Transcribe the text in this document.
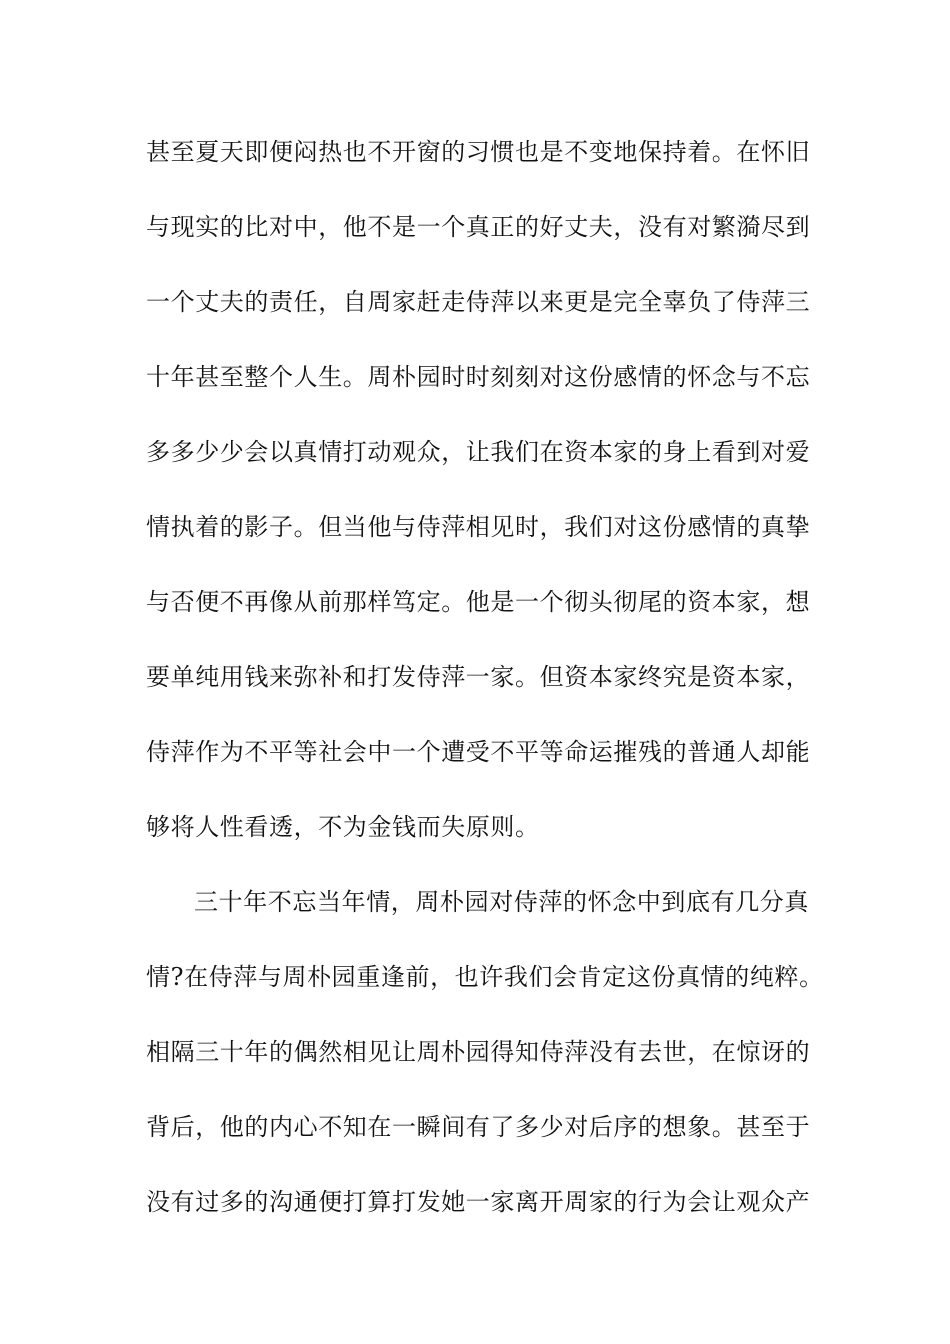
甚至夏天即便闷热也不开窗的习惯也是不变地保持着。在怀旧
与现实的比对中，他不是一个真正的好丈夫，没有对繁漪尽到
一个丈夫的责任，自周家赶走侍萍以来更是完全辜负了侍萍三
十年甚至整个人生。周朴园时时刻刻对这份感情的怀念与不忘
多多少少会以真情打动观众，让我们在资本家的身上看到对爱
情执着的影子。但当他与侍萍相见时，我们对这份感情的真挚
与否便不再像从前那样笃定。他是一个彻头彻尾的资本家，想
要单纯用钱来弥补和打发侍萍一家。但资本家终究是资本家，
侍萍作为不平等社会中一个遭受不平等命运摧残的普通人却能
够将人性看透，不为金钱而失原则。
三十年不忘当年情，周朴园对侍萍的怀念中到底有几分真
情?在侍萍与周朴园重逢前，也许我们会肯定这份真情的纯粹。
相隔三十年的偶然相见让周朴园得知侍萍没有去世，在惊讶的
背后，他的内心不知在一瞬间有了多少对后序的想象。甚至于
没有过多的沟通便打算打发她一家离开周家的行为会让观众产
